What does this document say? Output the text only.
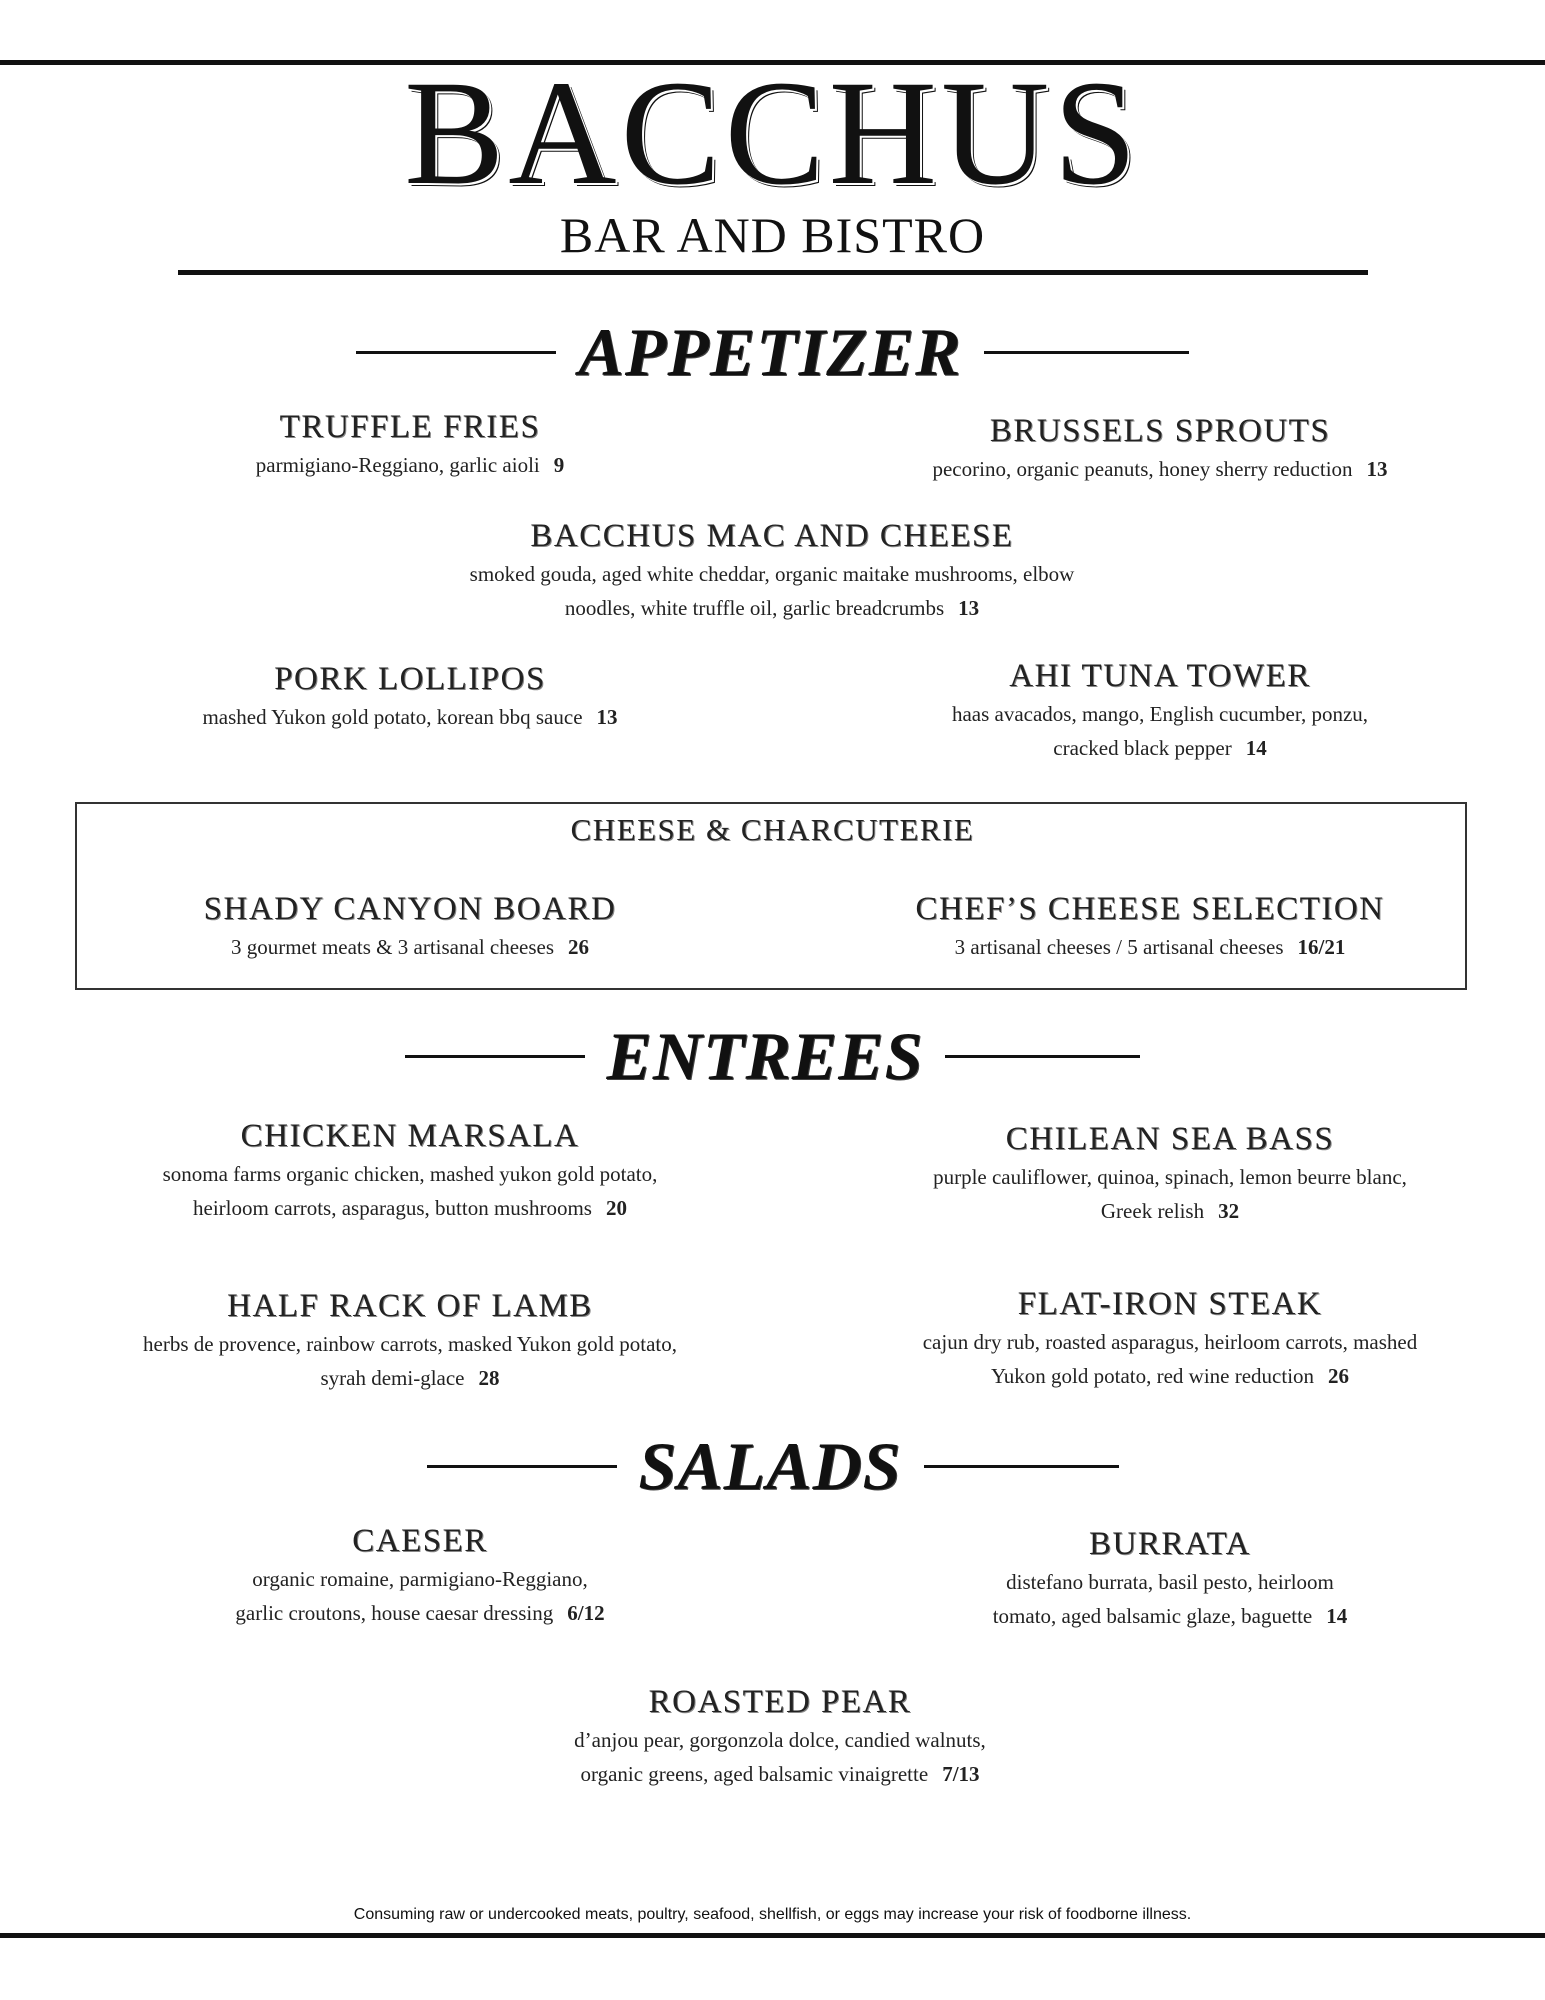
BACCHUS
BAR AND BISTRO
APPETIZER
TRUFFLE FRIES
parmigiano-Reggiano, garlic aioli 9
BRUSSELS SPROUTS
pecorino, organic peanuts, honey sherry reduction 13
BACCHUS MAC AND CHEESE
smoked gouda, aged white cheddar, organic maitake mushrooms, elbow
noodles, white truffle oil, garlic breadcrumbs 13
PORK LOLLIPOS
mashed Yukon gold potato, korean bbq sauce 13
AHI TUNA TOWER
haas avacados, mango, English cucumber, ponzu,
cracked black pepper 14
CHEESE & CHARCUTERIE
SHADY CANYON BOARD
3 gourmet meats & 3 artisanal cheeses 26
CHEF’S CHEESE SELECTION
3 artisanal cheeses / 5 artisanal cheeses 16/21
ENTREES
CHICKEN MARSALA
sonoma farms organic chicken, mashed yukon gold potato,
heirloom carrots, asparagus, button mushrooms 20
CHILEAN SEA BASS
purple cauliflower, quinoa, spinach, lemon beurre blanc,
Greek relish 32
HALF RACK OF LAMB
herbs de provence, rainbow carrots, masked Yukon gold potato,
syrah demi-glace 28
FLAT-IRON STEAK
cajun dry rub, roasted asparagus, heirloom carrots, mashed
Yukon gold potato, red wine reduction 26
SALADS
CAESER
organic romaine, parmigiano-Reggiano,
garlic croutons, house caesar dressing 6/12
BURRATA
distefano burrata, basil pesto, heirloom
tomato, aged balsamic glaze, baguette 14
ROASTED PEAR
d’anjou pear, gorgonzola dolce, candied walnuts,
organic greens, aged balsamic vinaigrette 7/13
Consuming raw or undercooked meats, poultry, seafood, shellfish, or eggs may increase your risk of foodborne illness.
